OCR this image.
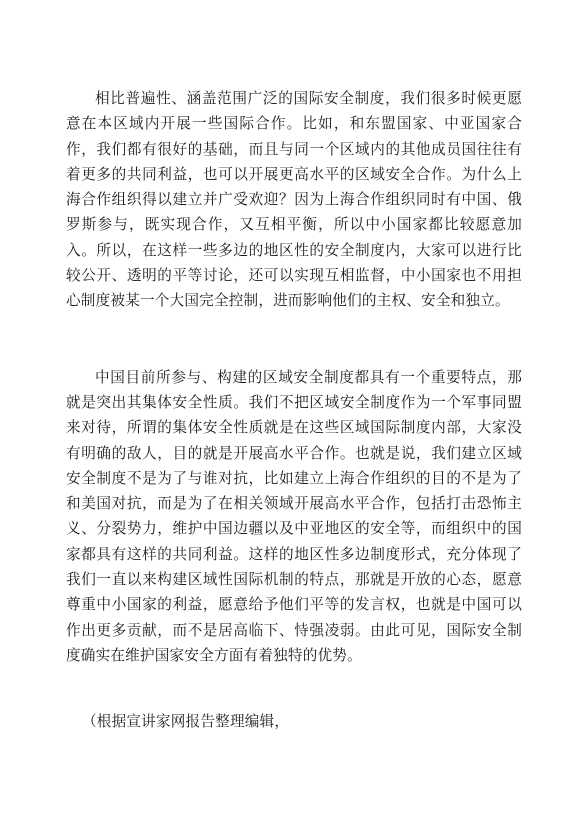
相比普遍性、涵盖范围广泛的国际安全制度，我们很多时候更愿意在本区域内开展一些国际合作。比如，和东盟国家、中亚国家合作，我们都有很好的基础，而且与同一个区域内的其他成员国往往有着更多的共同利益，也可以开展更高水平的区域安全合作。为什么上海合作组织得以建立并广受欢迎？因为上海合作组织同时有中国、俄罗斯参与，既实现合作，又互相平衡，所以中小国家都比较愿意加入。所以，在这样一些多边的地区性的安全制度内，大家可以进行比较公开、透明的平等讨论，还可以实现互相监督，中小国家也不用担心制度被某一个大国完全控制，进而影响他们的主权、安全和独立。

中国目前所参与、构建的区域安全制度都具有一个重要特点，那就是突出其集体安全性质。我们不把区域安全制度作为一个军事同盟来对待，所谓的集体安全性质就是在这些区域国际制度内部，大家没有明确的敌人，目的就是开展高水平合作。也就是说，我们建立区域安全制度不是为了与谁对抗，比如建立上海合作组织的目的不是为了和美国对抗，而是为了在相关领域开展高水平合作，包括打击恐怖主义、分裂势力，维护中国边疆以及中亚地区的安全等，而组织中的国家都具有这样的共同利益。这样的地区性多边制度形式，充分体现了我们一直以来构建区域性国际机制的特点，那就是开放的心态，愿意尊重中小国家的利益，愿意给予他们平等的发言权，也就是中国可以作出更多贡献，而不是居高临下、恃强凌弱。由此可见，国际安全制度确实在维护国家安全方面有着独特的优势。

（根据宣讲家网报告整理编辑，
